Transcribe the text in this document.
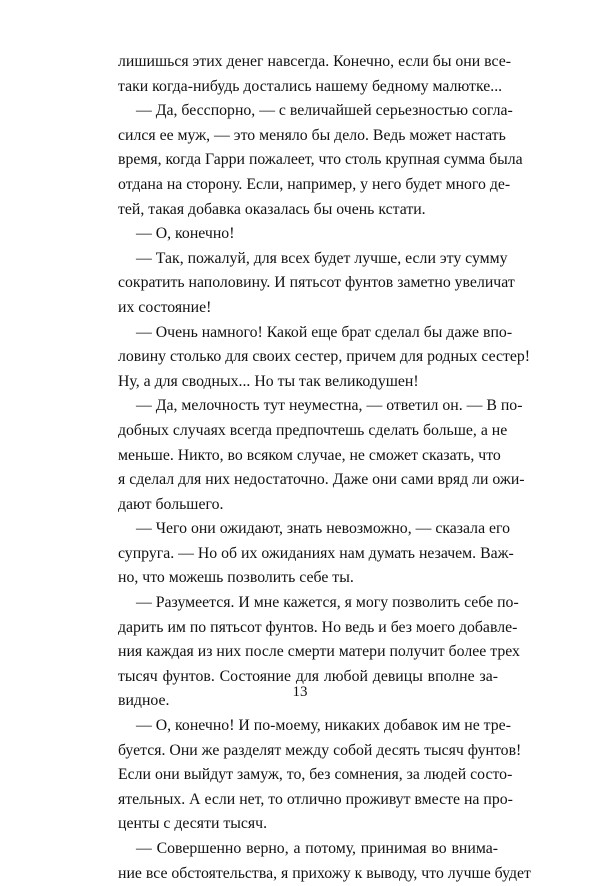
лишишься этих денег навсегда. Конечно, если бы они все-
таки когда-нибудь достались нашему бедному малютке...
— Да, бесспорно, — с величайшей серьезностью согла-
сился ее муж, — это меняло бы дело. Ведь может настать
время, когда Гарри пожалеет, что столь крупная сумма была
отдана на сторону. Если, например, у него будет много де-
тей, такая добавка оказалась бы очень кстати.
— О, конечно!
— Так, пожалуй, для всех будет лучше, если эту сумму
сократить наполовину. И пятьсот фунтов заметно увеличат
их состояние!
— Очень намного! Какой еще брат сделал бы даже впо-
ловину столько для своих сестер, причем для родных сестер!
Ну, а для сводных... Но ты так великодушен!
— Да, мелочность тут неуместна, — ответил он. — В по-
добных случаях всегда предпочтешь сделать больше, а не
меньше. Никто, во всяком случае, не сможет сказать, что
я сделал для них недостаточно. Даже они сами вряд ли ожи-
дают большего.
— Чего они ожидают, знать невозможно, — сказала его
супруга. — Но об их ожиданиях нам думать незачем. Важ-
но, что можешь позволить себе ты.
— Разумеется. И мне кажется, я могу позволить себе по-
дарить им по пятьсот фунтов. Но ведь и без моего добавле-
ния каждая из них после смерти матери получит более трех
тысяч фунтов. Состояние для любой девицы вполне за-
видное.
— О, конечно! И по-моему, никаких добавок им не тре-
буется. Они же разделят между собой десять тысяч фунтов!
Если они выйдут замуж, то, без сомнения, за людей состо-
ятельных. А если нет, то отлично проживут вместе на про-
центы с десяти тысяч.
— Совершенно верно, а потому, принимая во внима-
ние все обстоятельства, я прихожу к выводу, что лучше будет
13
